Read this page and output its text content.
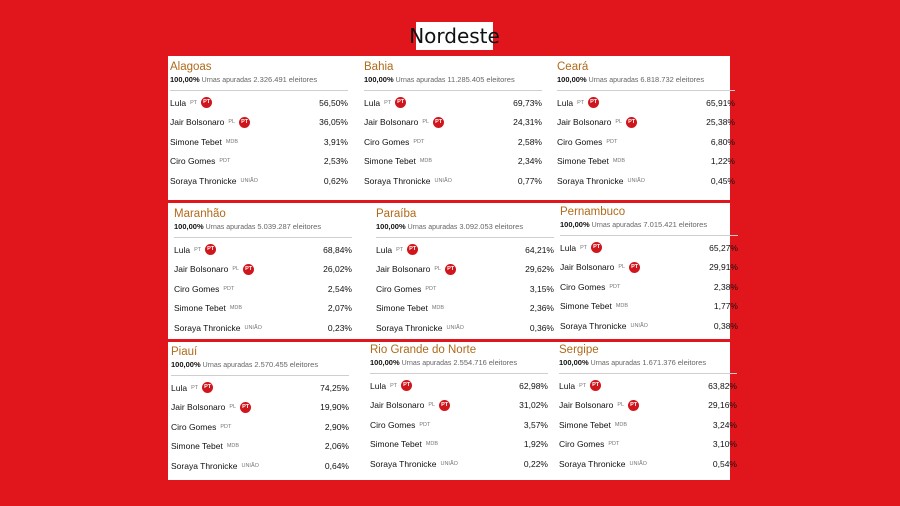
Nordeste
Alagoas
100,00% Urnas apuradas 2.326.491 eleitores
Lula PT	PT	56,50%
Jair Bolsonaro PL	PT	36,05%
Simone Tebet MDB	3,91%
Ciro Gomes PDT	2,53%
Soraya Thronicke UNIÃO	0,62%
Bahia
100,00% Urnas apuradas 11.285.405 eleitores
Lula PT	PT	69,73%
Jair Bolsonaro PL	PT	24,31%
Ciro Gomes PDT	2,58%
Simone Tebet MDB	2,34%
Soraya Thronicke UNIÃO	0,77%
Ceará
100,00% Urnas apuradas 6.818.732 eleitores
Lula PT	PT	65,91%
Jair Bolsonaro PL	PT	25,38%
Ciro Gomes PDT	6,80%
Simone Tebet MDB	1,22%
Soraya Thronicke UNIÃO	0,45%
Maranhão
100,00% Urnas apuradas 5.039.287 eleitores
Lula PT	PT	68,84%
Jair Bolsonaro PL	PT	26,02%
Ciro Gomes PDT	2,54%
Simone Tebet MDB	2,07%
Soraya Thronicke UNIÃO	0,23%
Paraíba
100,00% Urnas apuradas 3.092.053 eleitores
Lula PT	PT	64,21%
Jair Bolsonaro PL	PT	29,62%
Ciro Gomes PDT	3,15%
Simone Tebet MDB	2,36%
Soraya Thronicke UNIÃO	0,36%
Pernambuco
100,00% Urnas apuradas 7.015.421 eleitores
Lula PT	PT	65,27%
Jair Bolsonaro PL	PT	29,91%
Ciro Gomes PDT	2,38%
Simone Tebet MDB	1,77%
Soraya Thronicke UNIÃO	0,38%
Piauí
100,00% Urnas apuradas 2.570.455 eleitores
Lula PT	PT	74,25%
Jair Bolsonaro PL	PT	19,90%
Ciro Gomes PDT	2,90%
Simone Tebet MDB	2,06%
Soraya Thronicke UNIÃO	0,64%
Rio Grande do Norte
100,00% Urnas apuradas 2.554.716 eleitores
Lula PT	PT	62,98%
Jair Bolsonaro PL	PT	31,02%
Ciro Gomes PDT	3,57%
Simone Tebet MDB	1,92%
Soraya Thronicke UNIÃO	0,22%
Sergipe
100,00% Urnas apuradas 1.671.376 eleitores
Lula PT	PT	63,82%
Jair Bolsonaro PL	PT	29,16%
Simone Tebet MDB	3,24%
Ciro Gomes PDT	3,10%
Soraya Thronicke UNIÃO	0,54%
